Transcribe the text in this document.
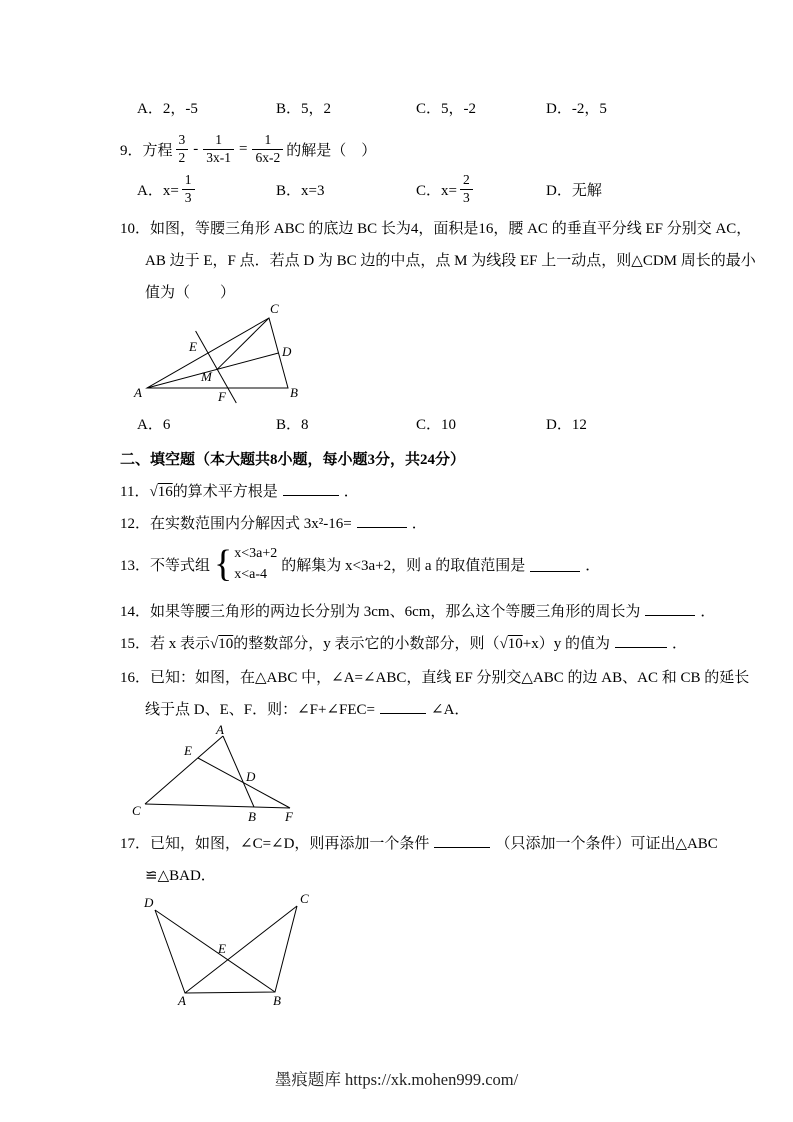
A．2，-5	B．5，2	C．5，-2	D．-2，5
9．方程 $\frac{3}{2} - \frac{1}{3x-1} = \frac{1}{6x-2}$ 的解是（　）
A．$x= \frac{1}{3}$	B．x=3	C．$x= \frac{2}{3}$	D．无解
10．如图，等腰三角形 ABC 的底边 BC 长为4，面积是16，腰 AC 的垂直平分线 EF 分别交 AC，
AB 边于 E，F 点．若点 D 为 BC 边的中点，点 M 为线段 EF 上一动点，则△CDM 周长的最小
值为（　　）
A	B
C
D
E
F
M
A．6	B．8	C．10	D．12
二、填空题（本大题共8小题，每小题3分，共24分）
11．√16的算术平方根是	．
12．在实数范围内分解因式 3x²-16=	．
13．不等式组 { x<3a+2
x<a-4
的解集为 x<3a+2，则 a 的取值范围是	．
14．如果等腰三角形的两边长分别为 3cm、6cm，那么这个等腰三角形的周长为	．
15．若 x 表示√10的整数部分，y 表示它的小数部分，则（√10+x）y 的值为	．
16．已知：如图，在△ABC 中，∠A=∠ABC，直线 EF 分别交△ABC 的边 AB、AC 和 CB 的延长
线于点 D、E、F．则：∠F+∠FEC=	∠A．
A
E
D
C	B F
17．已知，如图，∠C=∠D，则再添加一个条件	（只添加一个条件）可证出△ABC
≌△BAD．
D	C
E
A	B
墨痕题库 https://xk.mohen999.com/
